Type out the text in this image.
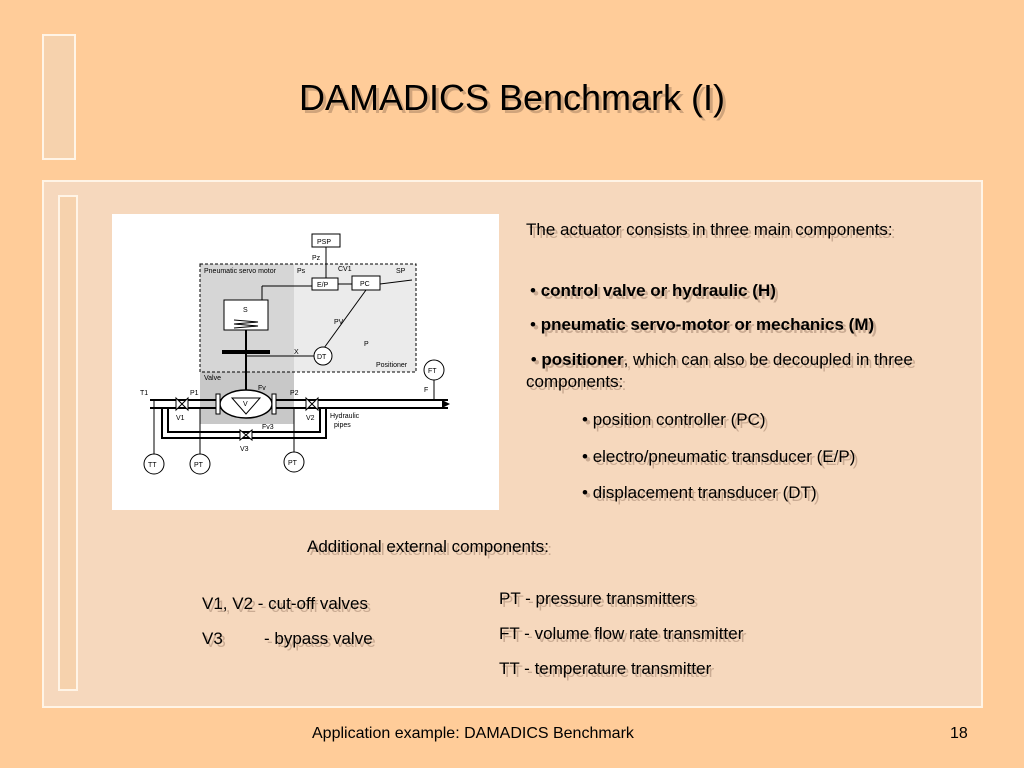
DAMADICS Benchmark (I)
PSP
Pz
Pneumatic servo motor	Ps	CV1	SP
E/P	PC
S
PV
P
X
DT
Positioner
Valve
T1	P1	P2
Fv
V
V1	V2 Hydraulic
pipes
Fv3
V3
FT
F
TT	PT	PT
The actuator consists in three main components:
• control valve or hydraulic (H)
• pneumatic servo-motor or mechanics (M)
• positioner, which can also be decoupled in three components:
• position controller (PC)
• electro/pneumatic transducer (E/P)
• displacement transducer (DT)
Additional external components:
V1, V2 - cut-off valves
V3 - bypass valve
PT - pressure transmitters
FT - volume flow rate transmitter
TT - temperature transmitter
Application example: DAMADICS Benchmark	18
